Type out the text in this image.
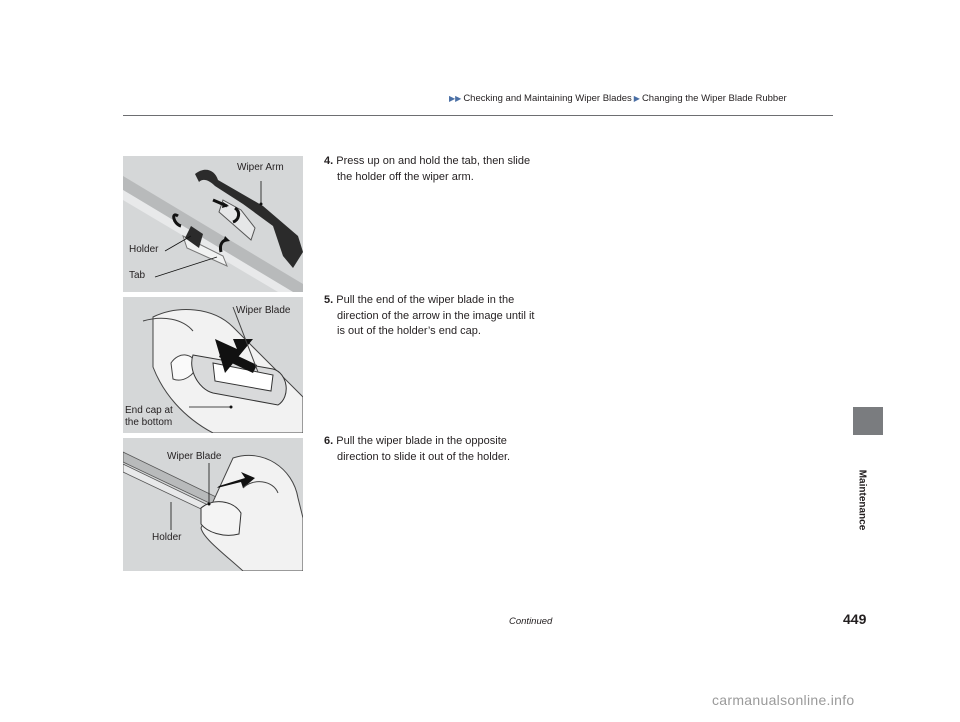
▶▶ Checking and Maintaining Wiper Blades ▶ Changing the Wiper Blade Rubber
Maintenance
Wiper Arm
Holder
Tab
Wiper Blade
End cap at
the bottom
Wiper Blade
Holder
4. Press up on and hold the tab, then slide
the holder off the wiper arm.
5. Pull the end of the wiper blade in the
direction of the arrow in the image until it
is out of the holder’s end cap.
6. Pull the wiper blade in the opposite
direction to slide it out of the holder.
Continued	449
carmanualsonline.info
